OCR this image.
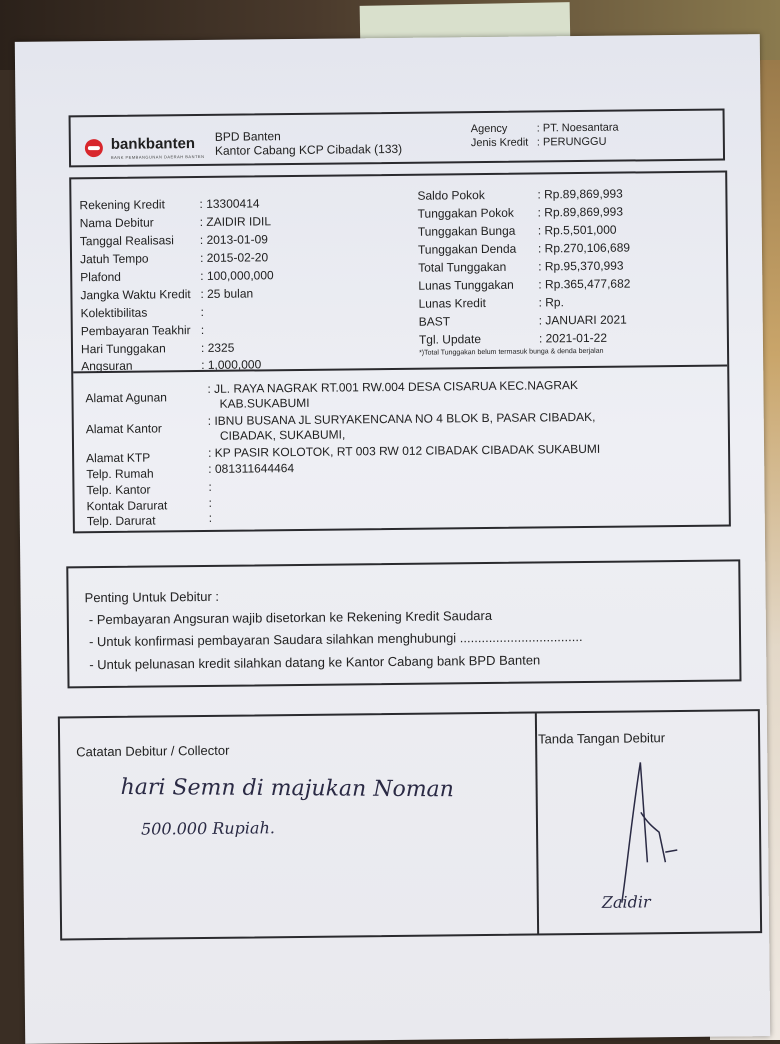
bankbanten
BANK PEMBANGUNAN DAERAH BANTEN
BPD Banten
Kantor Cabang KCP Cibadak (133)
Agency	: PT. Noesantara
Jenis Kredit : PERUNGGU
Rekening Kredit	: 13300414
Nama Debitur	: ZAIDIR IDIL
Tanggal Realisasi : 2013-01-09
Jatuh Tempo	: 2015-02-20
Plafond	: 100,000,000
Jangka Waktu Kredit : 25 bulan
Kolektibilitas	:
Pembayaran Teakhir :
Hari Tunggakan	: 2325
Angsuran	: 1,000,000
Saldo Pokok	: Rp.89,869,993
Tunggakan Pokok : Rp.89,869,993
Tunggakan Bunga : Rp.5,501,000
Tunggakan Denda : Rp.270,106,689
Total Tunggakan	: Rp.95,370,993
Lunas Tunggakan : Rp.365,477,682
Lunas Kredit	: Rp.
BAST	: JANUARI 2021
Tgl. Update	: 2021-01-22
*)Total Tunggakan belum termasuk bunga & denda berjalan
Alamat Agunan
: JL. RAYA NAGRAK RT.001 RW.004 DESA CISARUA KEC.NAGRAK
KAB.SUKABUMI
Alamat Kantor
: IBNU BUSANA JL SURYAKENCANA NO 4 BLOK B, PASAR CIBADAK,
CIBADAK, SUKABUMI,
Alamat KTP	: KP PASIR KOLOTOK, RT 003 RW 012 CIBADAK CIBADAK SUKABUMI
Telp. Rumah	: 081311644464
Telp. Kantor	:
Kontak Darurat	:
Telp. Darurat	:
Penting Untuk Debitur :
- Pembayaran Angsuran wajib disetorkan ke Rekening Kredit Saudara
- Untuk konfirmasi pembayaran Saudara silahkan menghubungi ..................................
- Untuk pelunasan kredit silahkan datang ke Kantor Cabang bank BPD Banten
Catatan Debitur / Collector
Tanda Tangan Debitur
hari Semn di majukan Noman
500.000 Rupiah.
Zaidir
